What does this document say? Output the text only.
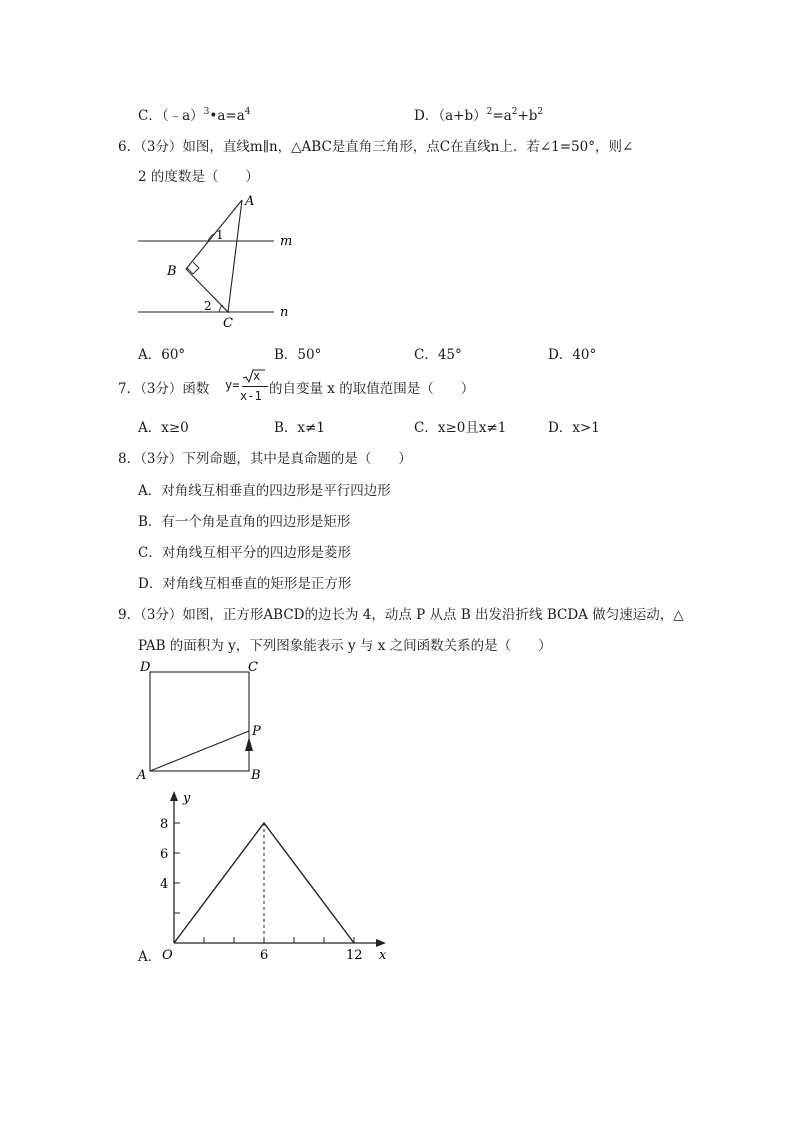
C．$(﹣a)^3•a=a^4$	D．$(a+b)^2=a^2+b^2$
6．（3分）如图，直线m∥n，△ABC是直角三角形，点C在直线n上．若∠1=50°，则∠
2 的度数是（　　）
A
B
C
m
n
1
2
A．60°	B．50°	C．45°	D．40°
7．（3分）函数 y=
x
x-1 的自变量 x 的取值范围是（　　）
A．x≥0	B．x≠1	C．x≥0且x≠1	D．x>1
8．（3分）下列命题，其中是真命题的是（　　）
A．对角线互相垂直的四边形是平行四边形
B．有一个角是直角的四边形是矩形
C．对角线互相平分的四边形是菱形
D．对角线互相垂直的矩形是正方形
9．（3分）如图，正方形ABCD的边长为 4，动点 P 从点 B 出发沿折线 BCDA 做匀速运动，△
PAB 的面积为 y，下列图象能表示 y 与 x 之间函数关系的是（　　）
D	C
P
A	B
A．	6	12
4
6
8
O	x
y
